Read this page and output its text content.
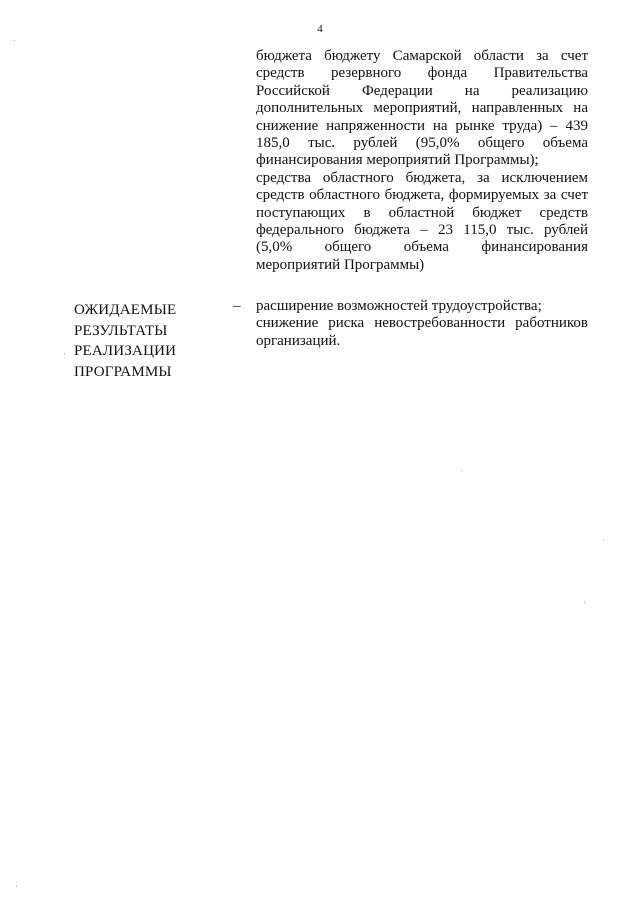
4

бюджета бюджету Самарской области за счет средств резервного фонда Правительства Российской Федерации на реализацию дополнительных мероприятий, направленных на снижение напряженности на рынке труда) – 439 185,0 тыс. рублей (95,0% общего объема финансирования мероприятий Программы);

средства областного бюджета, за исключением средств областного бюджета, формируемых за счет поступающих в областной бюджет средств федерального бюджета – 23 115,0 тыс. рублей (5,0% общего объема финансирования мероприятий Программы)

ОЖИДАЕМЫЕ
РЕЗУЛЬТАТЫ
РЕАЛИЗАЦИИ
ПРОГРАММЫ
– расширение возможностей трудоустройства;

снижение риска невостребованности работников организаций.
